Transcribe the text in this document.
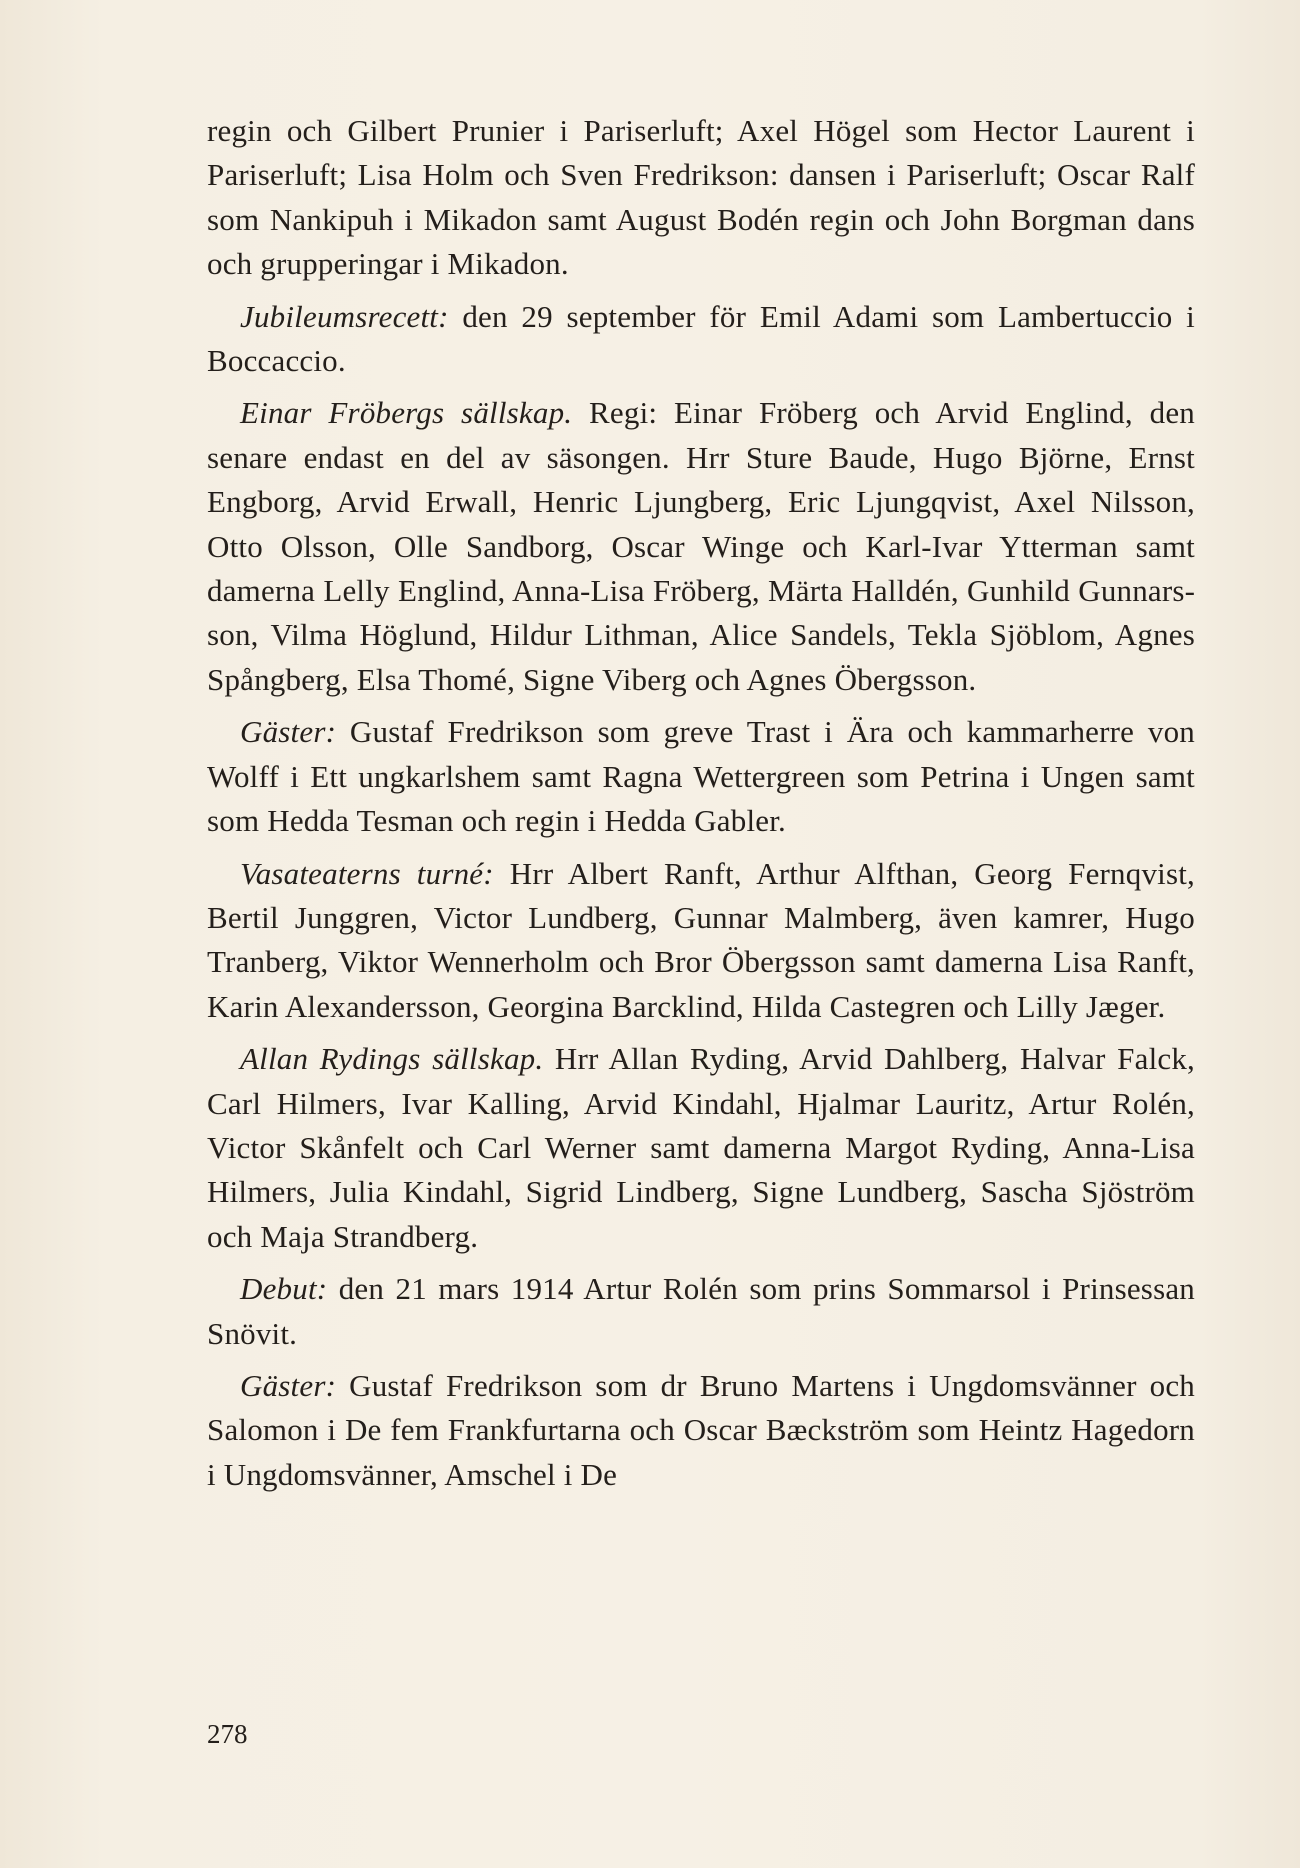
regin och Gilbert Prunier i Pariserluft; Axel Högel som Hector Laurent i Pariserluft; Lisa Holm och Sven Fredrikson: dansen i Pariserluft; Oscar Ralf som Nankipuh i Mikadon samt August Bodén regin och John Borgman dans och grupperingar i Mikadon.

Jubileumsrecett: den 29 september för Emil Adami som Lambertuccio i Boccaccio.

Einar Fröbergs sällskap. Regi: Einar Fröberg och Arvid Englind, den senare endast en del av säsongen. Hrr Sture Baude, Hugo Björne, Ernst Engborg, Arvid Erwall, Henric Ljungberg, Eric Ljungqvist, Axel Nilsson, Otto Olsson, Olle Sandborg, Oscar Winge och Karl-Ivar Ytterman samt damerna Lelly Englind, Anna-Lisa Fröberg, Märta Halldén, Gunhild Gunnarsson, Vilma Höglund, Hildur Lithman, Alice Sandels, Tekla Sjöblom, Agnes Spångberg, Elsa Thomé, Signe Viberg och Agnes Öbergsson.

Gäster: Gustaf Fredrikson som greve Trast i Ära och kammarherre von Wolff i Ett ungkarlshem samt Ragna Wettergreen som Petrina i Ungen samt som Hedda Tesman och regin i Hedda Gabler.

Vasateaterns turné: Hrr Albert Ranft, Arthur Alfthan, Georg Fernqvist, Bertil Junggren, Victor Lundberg, Gunnar Malmberg, även kamrer, Hugo Tranberg, Viktor Wennerholm och Bror Öbergsson samt damerna Lisa Ranft, Karin Alexandersson, Georgina Barcklind, Hilda Castegren och Lilly Jæger.

Allan Rydings sällskap. Hrr Allan Ryding, Arvid Dahlberg, Halvar Falck, Carl Hilmers, Ivar Kalling, Arvid Kindahl, Hjalmar Lauritz, Artur Rolén, Victor Skånfelt och Carl Werner samt damerna Margot Ryding, Anna-Lisa Hilmers, Julia Kindahl, Sigrid Lindberg, Signe Lundberg, Sascha Sjöström och Maja Strandberg.

Debut: den 21 mars 1914 Artur Rolén som prins Sommarsol i Prinsessan Snövit.

Gäster: Gustaf Fredrikson som dr Bruno Martens i Ungdomsvänner och Salomon i De fem Frankfurtarna och Oscar Bæckström som Heintz Hagedorn i Ungdomsvänner, Amschel i De

278
